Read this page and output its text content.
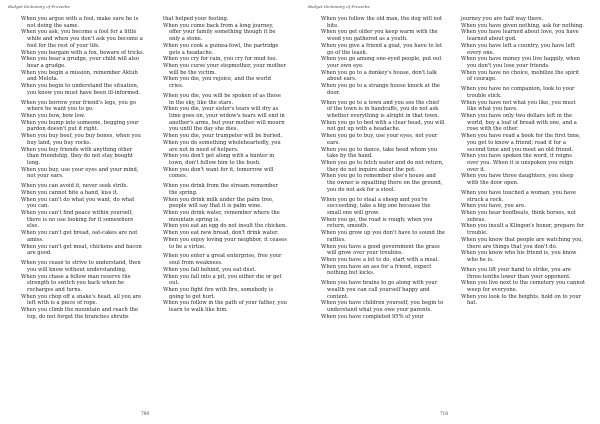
Budget Dictionary of Proverbs

When you argue with a fool, make sure he is not doing the same.

When you ask, you become a fool for a little while and when you don't ask you become a fool for the rest of your life.

When you bargain with a fox, beware of tricks.

When you bear a grudge, your child will also bear a grudge.

When you begin a mission, remember Aktuh and Melota.

When you begin to understand the situation, you know you must have been ill-informed.

When you borrow your friend's legs, you go where he want you to go.

When you bow, bow low.

When you bump into someone, begging your pardon doesn't put it right.

When you buy beef, you buy bones, when you buy land, you buy rocks.

When you buy friends with anything other than friendship, they do not stay bought long.

When you buy, use your eyes and your mind, not your ears.

When you can avoid it, never seek strife.

When you cannot bite a hand, kiss it.

When you can't do what you want, do what you can.

When you can't find peace within yourself, there is no use looking for it somewhere else.

When you can't get bread, oat-cakes are not amiss.

When you can't get meat, chickens and bacon are good.

When you cease to strive to understand, then you will know without understanding.

When you chase a fellow man reserve the strength to switch you back when he recharges and turns.

When you chop off a snake's head, all you are left with is a piece of rope.

When you climb the mountain and reach the top, do not forget the branches shrubs

that helped your footing.

When you come back from a long journey, offer your family something though it be only a stone.

When you cook a guinea-fowl, the partridge gets a headache.

When you cry for rain, you cry for mud too.

When you curse your stepmother, your mother will be the victim.

When you die, you rejoice, and the world cries.

When you die, you will be spoken of as those in the sky, like the stars.

When you die, your sister's tears will dry as time goes on, your widow's tears will end in another's arms, but your mother will mourn you until the day she dies.

When you die, your trumpeter will be buried.

When you do something wholeheartedly, you are not in need of helpers.

When you don't get along with a hunter in town, don't follow him to the bush.

When you don't want for it, tomorrow will comes.

When you drink from the stream remember the spring.

When you drink milk under the palm tree, people will say that it is palm wine.

When you drink water, remember where the mountain spring is.

When you eat an egg do not insult the chicken.

When you eat new bread, don't drink water.

When you enjoy loving your neighbor, it ceases to be a virtue.

When you enter a great enterprise, free your soul from weakness.

When you fall behind, you eat dust.

When you fall into a pit, you either die or get out.

When you fight fire with fire, somebody is going to get hurt.

When you follow in the path of your father, you learn to walk like him.

709
Budget Dictionary of Proverbs

When you follow the old man, the dog will not bite.

When you get older you keep warm with the wood you gathered as a youth.

When you give a friend a goat, you have to let go of the leash.

When you go among one-eyed people, put out your own eye.

When you go to a donkey's house, don't talk about ears.

When you go to a strange house knock at the door.

When you go to a town and you see the chief of the town is in handcuffs, you do not ask whether everything is alright in that town.

When you go to bed with a clear head, you will not get up with a headache.

When you go to buy, use your eyes, not your ears.

When you go to dance, take heed whom you take by the hand.

When you go to fetch water and do not return, they do not inquire about the pot.

When you go to remember else's house and the owner is squatting there on the ground, you do not ask for a stool.

When you go to steal a sheep and you're succeeding, take a big one because the small one will grow.

When you go, the road is rough; when you return, smooth.

When you grow up you don't have to sound the rattles.

When you have a good government the grass will grow over your troubles.

When you have a lot to do, start with a meal.

When you have an ass for a friend, expect nothing but kicks.

When you have brains to go along with your wealth you can call yourself happy and content.

When you have children yourself, you begin to understand what you owe your parents.

When you have completed 95% of your

journey you are half way there.

When you have given nothing, ask for nothing.

When you have learned about love, you have learned about god.

When you have left a country, you have left every one.

When you have money you live happily, when you don't you lose your friends.

When you have no choice, mobilize the spirit of courage.

When you have no companion, look to your trouble stick.

When you have not what you like, you must like what you have.

When you have only two dollars left in the world, buy a loaf of bread with one, and a rose with the other.

When you have read a book for the first time, you get to know a friend; read it for a second time and you meet an old friend.

When you have spoken the word, it reigns over you. When it is unspoken you reign over it.

When you have three daughters, you sleep with the door open.

When you have touched a woman, you have struck a rock.

When you have, you are.

When you hear hoofbeats, think horses, not zebras.

When you insult a Klingon's honor, prepare for trouble.

When you know that people are watching you, there are things that you don't do.

When you know who his friend is, you know who he is.

When you lift your hand to strike, you are three-tenths lower than your opponent.

When you live next to the cemetery you cannot weep for everyone.

When you look to the heights, hold on to your hat.

710
